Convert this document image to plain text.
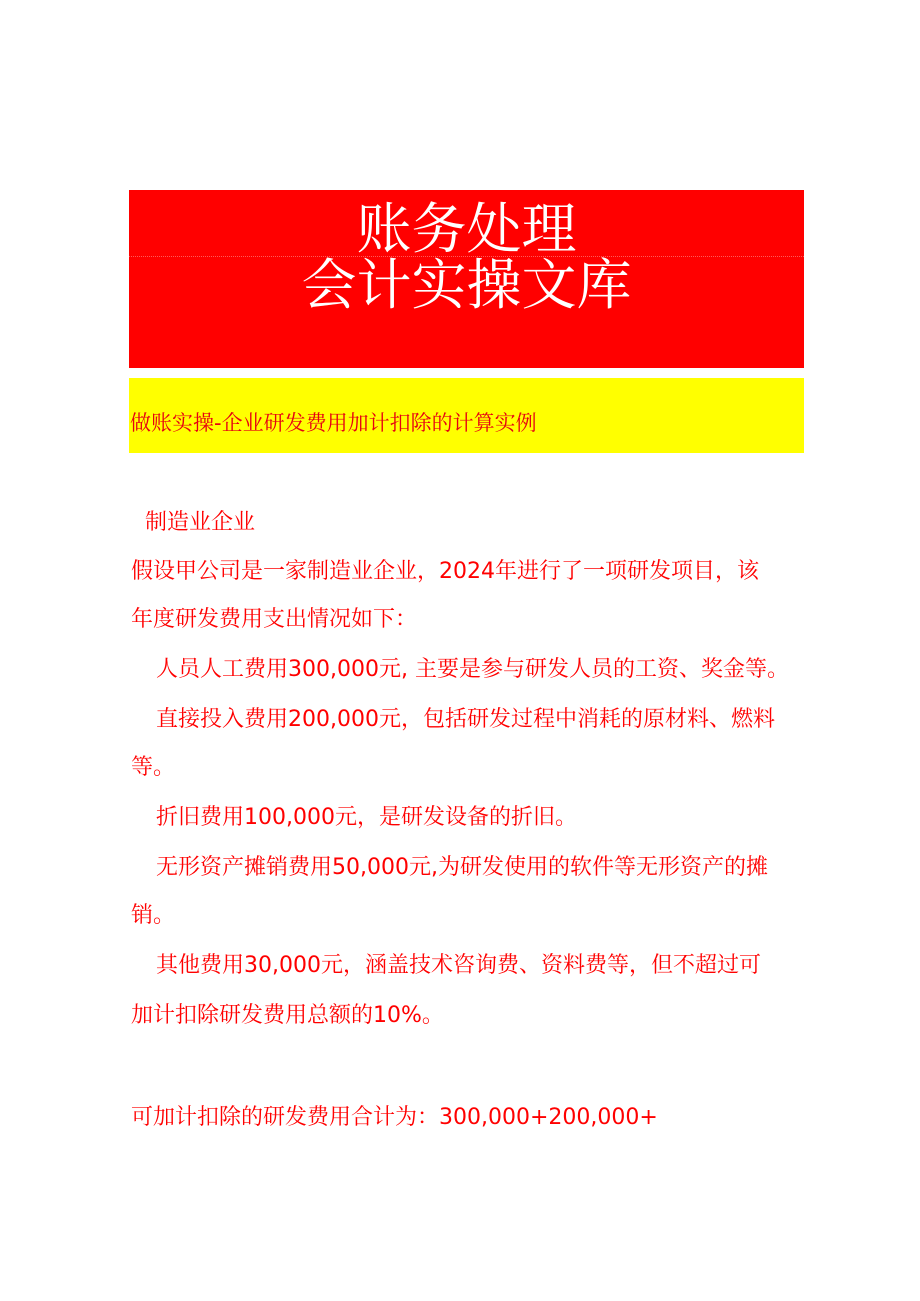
账务处理
会计实操文库
做账实操-企业研发费用加计扣除的计算实例
制造业企业
假设甲公司是一家制造业企业，2024年进行了一项研发项目，该
年度研发费用支出情况如下：
人员人工费用300,000元, 主要是参与研发人员的工资、奖金等。
直接投入费用200,000元，包括研发过程中消耗的原材料、燃料
等。
折旧费用100,000元，是研发设备的折旧。
无形资产摊销费用50,000元,为研发使用的软件等无形资产的摊
销。
其他费用30,000元，涵盖技术咨询费、资料费等，但不超过可
加计扣除研发费用总额的10%。
可加计扣除的研发费用合计为：300,000+200,000+
